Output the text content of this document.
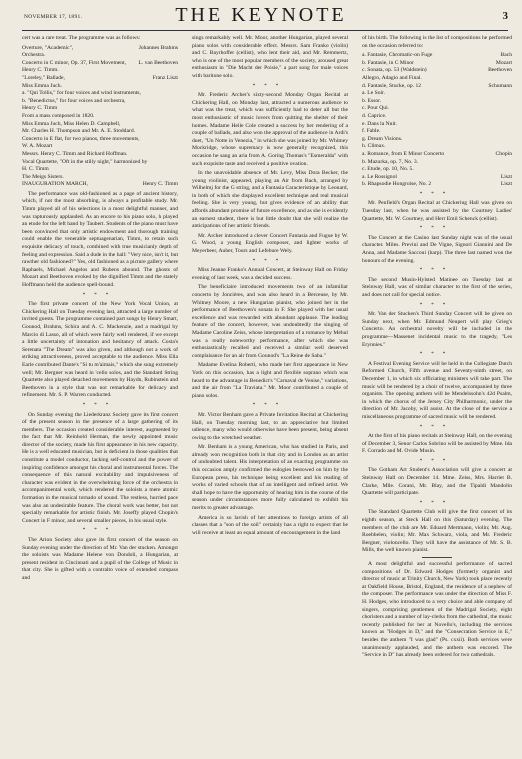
NOVEMBER 17, 1891.	THE KEYNOTE	3

cert was a rare treat. The programme was as follows:

Overture, "Academic",	Johannes Brahms
Orchestra.
Concerto in C minor, Op. 37, First Movement, L. van Beethoven
Henry C. Timm.
"Loreley," Ballade,	Franz Liszt
Miss Emma Juch.
a. "Qui Tollis," for four voices and wind instruments,
b. "Benedictus," for four voices and orchestra,
Henry C. Timm
From a mass composed in 1820.
Miss Emma Juch, Miss Helen D. Campbell,
Mr. Charles H. Thompson and Mr. A. E. Stoddard.
Concerto in E flat, for two pianos, three movements,
W. A. Mozart
Messrs. Henry C. Timm and Richard Hoffman.
Vocal Quartette, "Oft in the stilly night," harmonized by
H. C. Timm
The Meigs Sisters.
INAUGURATION MARCH,	Henry C. Timm

The performance was old-fashioned as a page of ancient history, which, if not the most absorbing, is always a profitable study. Mr. Timm played all of his selections in a most delightful manner, and was rapturously applauded. As an encore to his piano solo, h played an etude for the left hand by Taubert. Students of the piano must have been convinced that only artistic endowment and thorough training could enable the venerable septuagenarian, Timm, to retain such exquisite delicacy of touch, combined with true musicianly depth of feeling and expression. Said a dude in the hall: "Very nice, isn't it, but rawther old fashioned?" Yes, old fashioned as a picture gallery where Raphaels, Michael Angelos and Rubens abound. The ghosts of Mozart and Beethoven evoked by the dignified Timm and the stately Hoffmann held the audience spell-bound.

***

The first private concert of the New York Vocal Union, at Chickering Hall on Tuesday evening last, attracted a large number of invited guests. The programme contained part songs by Henry Smart, Gounod, Brahms, Schira and A. C. Mackenzie, and a madrigal by Marcio di Lasso, all of which were fairly well rendered, if we except a little uncertainty of intonation and hesitancy of attack. Costa's Serenata "The Dream" was also given, and although not a work of striking attractiveness, proved acceptable to the audience. Miss Ella Earle contributed Dante's "Si tu m'aimais," which she sung extremely well; Mr. Bergner was heard in 'cello solos, and the Standard String Quartette also played detached movements by Haydn, Rubinstein and Beethoven in a style that was not remarkable for delicacy and refinement. Mr. S. P. Warren conducted.

***

On Sunday evening the Liederkranz Society gave its first concert of the present season in the presence of a large gathering of its members. The occasion created considerable interest, augmented by the fact that Mr. Reinhold Herman, the newly appointed music director of the society, made his first appearance in his new capacity. He is a well educated musician, but is deficient in those qualities that constitute a model conductor, lacking self-control and the power of inspiring confidence amongst his choral and instrumental forces. The consequence of this natural excitability and impulsiveness of character was evident in the overwhelming force of the orchestra in accompanimental work, which rendered the soloists a mere atomic formation in the musical tornado of sound. The restless, hurried pace was also an undesirable feature. The choral work was better, but not specially remarkable for artistic finish. Mr. Joseffy played Chopin's Concert in F minor, and several smaller pieces, in his usual style.

***

The Arion Society also gave its first concert of the season on Sunday evening under the direction of Mr. Van der stucken. Amongst the soloists was Madame Helene von Dondoli, a Hungarian, at present resident in Cincinnati and a pupil of the College of Music in that city. She is gifted with a contralto voice of extended compass and

sings remarkably well. Mr. Moor, another Hungarian, played several piano solos with considerable effect. Messrs. Sam Franko (violin) and C. Bayrhoffer (cellist), who lent their aid, and Mr. Remmertz, who is one of the most popular members of the society, aroused great enthusiasm in "Die Macht der Poisie," a part song for male voices with baritone solo.

***

Mr. Frederic Archer's sixty-second Monday Organ Recital at Chickering Hall, on Monday last, attracted a numerous audience to what was the treat, which was sufficiently bad to deter all but the most enthusiastic of music lovers from quitting the shelter of their homes. Madame Helle Cole created a success by her rendering of a couple of ballads, and also won the approval of the audience in Ardi's duet, "Un Notte in Venezia," in which she was joined by Mr. Whitney Mockridge, whose supremacy is now generally recognized, this occasion he sang an aria from A. Goring Thomas's "Esmeralda" with such exquisite taste and received a positive ovation.

In the unavoidable absence of Mr. Levy, Miss Dora Becker, the young violinist, appeared, playing an Air from Bach, arranged by Wilhelmj for the G string, and a Fantasia Caracteristique by Leonard, in both of which she displayed excellent technique and real musical feeling. She is very young, but gives evidence of an ability that affords abundant promise of future excellence, and as she is evidently an earnest student, there is but little doubt that she will realize the anticipations of her artistic friends.

Mr. Archer introduced a clever Concert Fantasia and Fugue by W. G. Wood, a young English composer, and lighter works of Meyerbeer, Auber, Tours and Lefebure Wely.

***

Miss Jeanne Franko's Annual Concert, at Steinway Hall on Friday evening of last week, was a decided success.

The beneficiaire introduced movements two of an infamiliar concerto by Joncières, and was also heard in a Berceuse, by Mr. Whitney Moore, a new Hungarian pianist, who joined her in the performance of Beethoven's sonata in F. She played with her usual excellence and was rewarded with abundant applause. The leading feature of the concert, however, was undoubtedly the singing of Madame Caroline Zeiss, whose interpretation of a romance by Méhul was a really noteworthy performance, after which she was enthusiastically recalled and received a similar well deserved complaisance for an air from Gounod's "La Reine de Saba."

Madame Evelina Roberti, who made her first appearance in New York on this occasion, has a light and flexible soprano which was heard to the advantage in Benedict's "Carnaval de Venise," variations, and the air from "La Traviata." Mr. Moor contributed a couple of piano solos.

***

Mr. Victor Benham gave a Private Invitation Recital at Chickering Hall, on Tuesday morning last, to an appreciative but limited udience, many who would otherwise have been present, being absent owing to the wretched weather.

Mr. Benham is a young American, who has studied in Paris, and already won recognition both in that city and in London as an artist of undoubted talent. His interpretation of an exacting programme on this occasion amply confirmed the eulogies bestowed on him by the European press, his technique being excellent and his reading of works of varied schools that of an intelligent and refined artist. We shall hope to have the opportunity of hearing him in the course of the season under circumstances more fully calculated to exhibit his merits to greater advantage.

America is so lavish of her attentions to foreign artists of all classes that a "son of the soil" certainly has a right to expect that he will receive at least an equal amount of encouragement in the land

of his birth. The following is the list of compositions he performed on the occasion referred to:

a. Fantasie, Chromatic-on Fuge	Bach
b. Fantasie, in C Minor	Mozart
c. Sonata, op. 53 (Waldstein)	Beethoven
Allegro, Adagio and Final.
d. Fantasie, Stucke, op. 12	Schumann
a. Le Soir.
b. Essor.
c. Pour Qui.
d. Caprice.
e. Dans la Nuit.
f. Fable.
g. Dream Visions.
h. Climax.
a. Romance, from E Minor Concerto	Chopin
b. Mazurka, op. 7, No. 3.
c. Etude, op. 10, No. 5.
a. Le Rossignol	Liszt
b. Rhapsodie Hongroise, No. 2	Liszt
***

Mr. Penfield's Organ Recital at Chickering Hall was given on Tuesday last, when he was assisted by the Courtney Ladies' Quartette, Mr. W. Courtney, and Herr Emil Schenck (cellist).

***

The Concert at the Casino last Sunday night was of the usual character. Miles. Previni and De Vigne, Signori Giannini and De Anna, and Madame Saccoui (harp). The three last named won the honours of the evening.

***

The second Musin-Hylsted Matinee on Tuesday last at Steinway Hall, was of similar character to the first of the series, and does not call for special notice.

***

Mr. Van der Stucken's Third Sunday Concert will be given on Sunday next, when Mr. Edmund Neupert will play Grieg's Concerto. An orchestral novelty will be included in the programme—Massenet incidental music to the tragedy, "Les Erynnies."

***

A Festival Evening Service will be held in the Collegiate Dutch Reformed Church, Fifth avenue and Seventy-ninth street, on December 1, in which six officiating ministers will take part. The music will be rendered by a choir of twelve, accompanied by three organists. The opening anthem will be Mendelssohn's 42d Psalm, in which the chorus of the Jersey City Philharmonic, under the direction of Mr. Jacoby, will assist. At the close of the service a miscellaneous programme of sacred music will be rendered.

***

At the first of his piano recitals at Steinway Hall, on the evening of December 3, Senor Carlos Sobrino will be assisted by Mme. Ida F. Corrado and M. Ovide Musin.

***

The Gotham Art Student's Association will give a concert at Steinway Hall on December 14. Mme. Zeiss, Mrs. Harriet B. Clarke, Mlle. Corani, Mr. Blay, and the Tipaldi Mandolin Quartette will participate.

***

The Standard Quartette Club will give the first concert of its eighth season, at Steck Hall on this (Saturday) evening. The members of the club are Mr. Eduard Mertmann, violin; Mr. Aug. Roebbelen, violin; Mr. Max Schwarz, viola, and Mr. Frederic Bergner, violoncello. They will have the assistance of Mr. S. B. Mills, the well known pianist.

A most delightful and successful performance of sacred compositions of Dr. Edward Hodges (formerly organist and director of music at Trinity Church, New York) took place recently at Oakfield House, Bristol, England, the residence of a nephew of the composer. The performance was under the direction of Miss F. H. Hodges, who introduced to a very choice and able company of singers, comprising gentlemen of the Madrigal Society, eight choristers and a number of lay-clerks from the cathedral, the music recently published for her at Novello's, including the services known as "Hodges in D," and the "Consecration Service in E," besides the anthem "I was glad" (Ps. cxxii). Both services were unanimously applauded, and the anthem was encored. The "Service in D" has already been ordered for two cathedrals.
